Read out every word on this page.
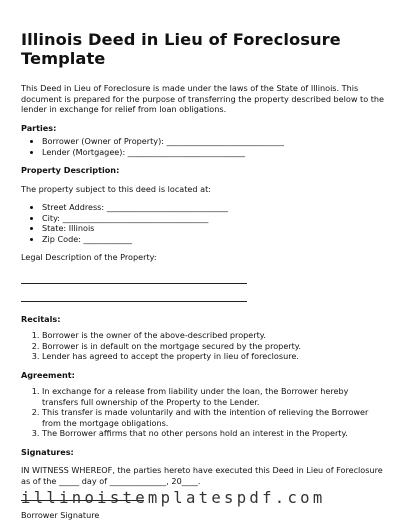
Illinois Deed in Lieu of Foreclosure Template
This Deed in Lieu of Foreclosure is made under the laws of the State of Illinois. This document is prepared for the purpose of transferring the property described below to the lender in exchange for relief from loan obligations.
Parties:
• Borrower (Owner of Property): _____________________________
• Lender (Mortgagee): _____________________________
Property Description:
The property subject to this deed is located at:
• Street Address: ______________________________
• City: ____________________________________
• State: Illinois
• Zip Code: ____________
Legal Description of the Property:
Recitals:
1. Borrower is the owner of the above-described property.
2. Borrower is in default on the mortgage secured by the property.
3. Lender has agreed to accept the property in lieu of foreclosure.
Agreement:
1. In exchange for a release from liability under the loan, the Borrower hereby transfers full ownership of the Property to the Lender.
2. This transfer is made voluntarily and with the intention of relieving the Borrower from the mortgage obligations.
3. The Borrower affirms that no other persons hold an interest in the Property.
Signatures:
IN WITNESS WHEREOF, the parties hereto have executed this Deed in Lieu of Foreclosure as of the _____ day of ______________, 20____.
Borrower Signature
illinoistemplatespdf.com
